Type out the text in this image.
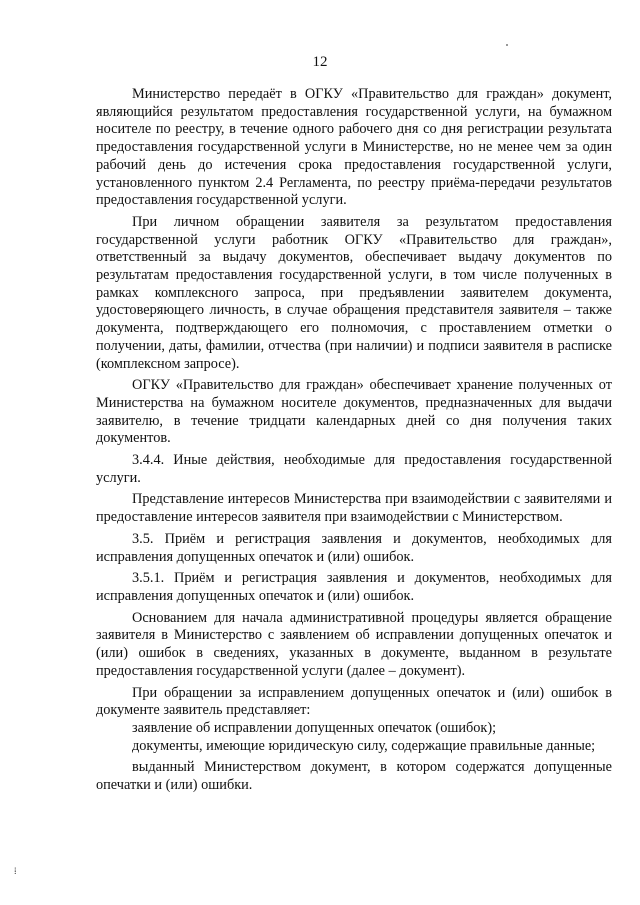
12

Министерство передаёт в ОГКУ «Правительство для граждан» документ, являющийся результатом предоставления государственной услуги, на бумажном носителе по реестру, в течение одного рабочего дня со дня регистрации результата предоставления государственной услуги в Министерстве, но не менее чем за один рабочий день до истечения срока предоставления государственной услуги, установленного пунктом 2.4 Регламента, по реестру приёма-передачи результатов предоставления государственной услуги.

При личном обращении заявителя за результатом предоставления государственной услуги работник ОГКУ «Правительство для граждан», ответственный за выдачу документов, обеспечивает выдачу документов по результатам предоставления государственной услуги, в том числе полученных в рамках комплексного запроса, при предъявлении заявителем документа, удостоверяющего личность, в случае обращения представителя заявителя – также документа, подтверждающего его полномочия, с проставлением отметки о получении, даты, фамилии, отчества (при наличии) и подписи заявителя в расписке (комплексном запросе).

ОГКУ «Правительство для граждан» обеспечивает хранение полученных от Министерства на бумажном носителе документов, предназначенных для выдачи заявителю, в течение тридцати календарных дней со дня получения таких документов.

3.4.4. Иные действия, необходимые для предоставления государственной услуги.

Представление интересов Министерства при взаимодействии с заявителями и предоставление интересов заявителя при взаимодействии с Министерством.

3.5. Приём и регистрация заявления и документов, необходимых для исправления допущенных опечаток и (или) ошибок.

3.5.1. Приём и регистрация заявления и документов, необходимых для исправления допущенных опечаток и (или) ошибок.

Основанием для начала административной процедуры является обращение заявителя в Министерство с заявлением об исправлении допущенных опечаток и (или) ошибок в сведениях, указанных в документе, выданном в результате предоставления государственной услуги (далее – документ).

При обращении за исправлением допущенных опечаток и (или) ошибок в документе заявитель представляет:

заявление об исправлении допущенных опечаток (ошибок);

документы, имеющие юридическую силу, содержащие правильные данные;

выданный Министерством документ, в котором содержатся допущенные опечатки и (или) ошибки.

⁞
